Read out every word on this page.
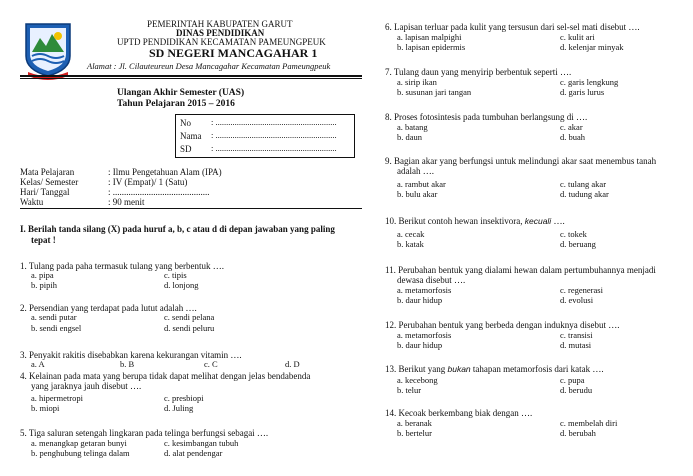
PEMERINTAH KABUPATEN GARUT
DINAS PENDIDIKAN
UPTD PENDIDIKAN KECAMATAN PAMEUNGPEUK
SD NEGERI MANCAGAHAR 1
Alamat : Jl. Cilauteureun Desa Mancagahar Kecamatan Pameungpeuk
Ulangan Akhir Semester (UAS)
Tahun Pelajaran 2015 – 2016
No : .........................................................
Nama : .........................................................
SD : .........................................................
Mata Pelajaran	: Ilmu Pengetahuan Alam (IPA)
Kelas/ Semester	: IV (Empat)/ 1 (Satu)
Hari/ Tanggal	: ...........................................
Waktu	: 90 menit
I. Berilah tanda silang (X) pada huruf a, b, c atau d di depan jawaban yang paling
tepat !
1. Tulang pada paha termasuk tulang yang berbentuk ….
a. pipa	c. tipis
b. pipih	d. lonjong
2. Persendian yang terdapat pada lutut adalah ….
a. sendi putar	c. sendi pelana
b. sendi engsel	d. sendi peluru
3. Penyakit rakitis disebabkan karena kekurangan vitamin ….
a. A	b. B	c. C	d. D
4. Kelainan pada mata yang berupa tidak dapat melihat dengan jelas bendabenda
yang jaraknya jauh disebut ….
a. hipermetropi	c. presbiopi
b. miopi	d. Juling
5. Tiga saluran setengah lingkaran pada telinga berfungsi sebagai ….
a. menangkap getaran bunyi	c. kesimbangan tubuh
b. penghubung telinga dalam	d. alat pendengar
6. Lapisan terluar pada kulit yang tersusun dari sel-sel mati disebut ….
a. lapisan malpighi	c. kulit ari
b. lapisan epidermis	d. kelenjar minyak
7. Tulang daun yang menyirip berbentuk seperti ….
a. sirip ikan	c. garis lengkung
b. susunan jari tangan	d. garis lurus
8. Proses fotosintesis pada tumbuhan berlangsung di ….
a. batang	c. akar
b. daun	d. buah
9. Bagian akar yang berfungsi untuk melindungi akar saat menembus tanah
adalah ….
a. rambut akar	c. tulang akar
b. bulu akar	d. tudung akar
10. Berikut contoh hewan insektivora, kecuali ….
a. cecak	c. tokek
b. katak	d. beruang
11. Perubahan bentuk yang dialami hewan dalam pertumbuhannya menjadi
dewasa disebut ….
a. metamorfosis	c. regenerasi
b. daur hidup	d. evolusi
12. Perubahan bentuk yang berbeda dengan induknya disebut ….
a. metamorfosis	c. transisi
b. daur hidup	d. mutasi
13. Berikut yang bukan tahapan metamorfosis dari katak ….
a. kecebong	c. pupa
b. telur	d. berudu
14. Kecoak berkembang biak dengan ….
a. beranak	c. membelah diri
b. bertelur	d. berubah
